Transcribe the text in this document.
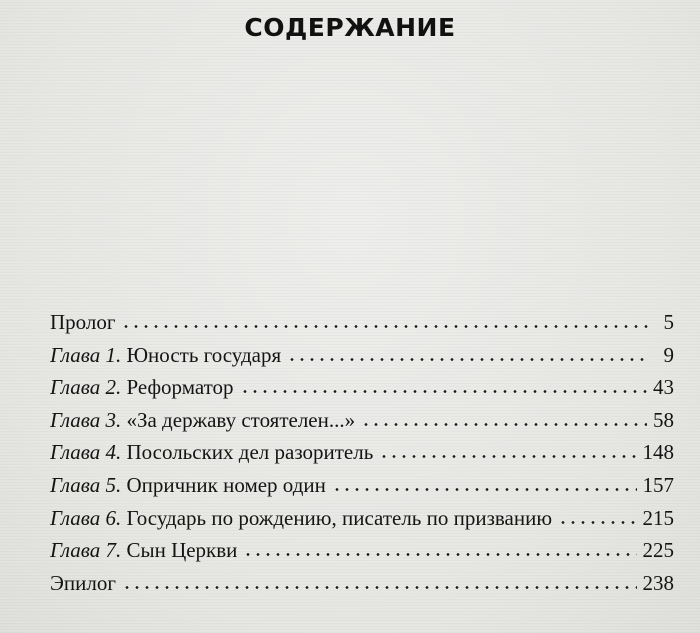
СОДЕРЖАНИЕ
Пролог	5
Глава 1. Юность государя	9
Глава 2. Реформатор	43
Глава 3. «За державу стоятелен...»	58
Глава 4. Посольских дел разоритель	148
Глава 5. Опричник номер один	157
Глава 6. Государь по рождению, писатель по призванию	215
Глава 7. Сын Церкви	225
Эпилог	238
